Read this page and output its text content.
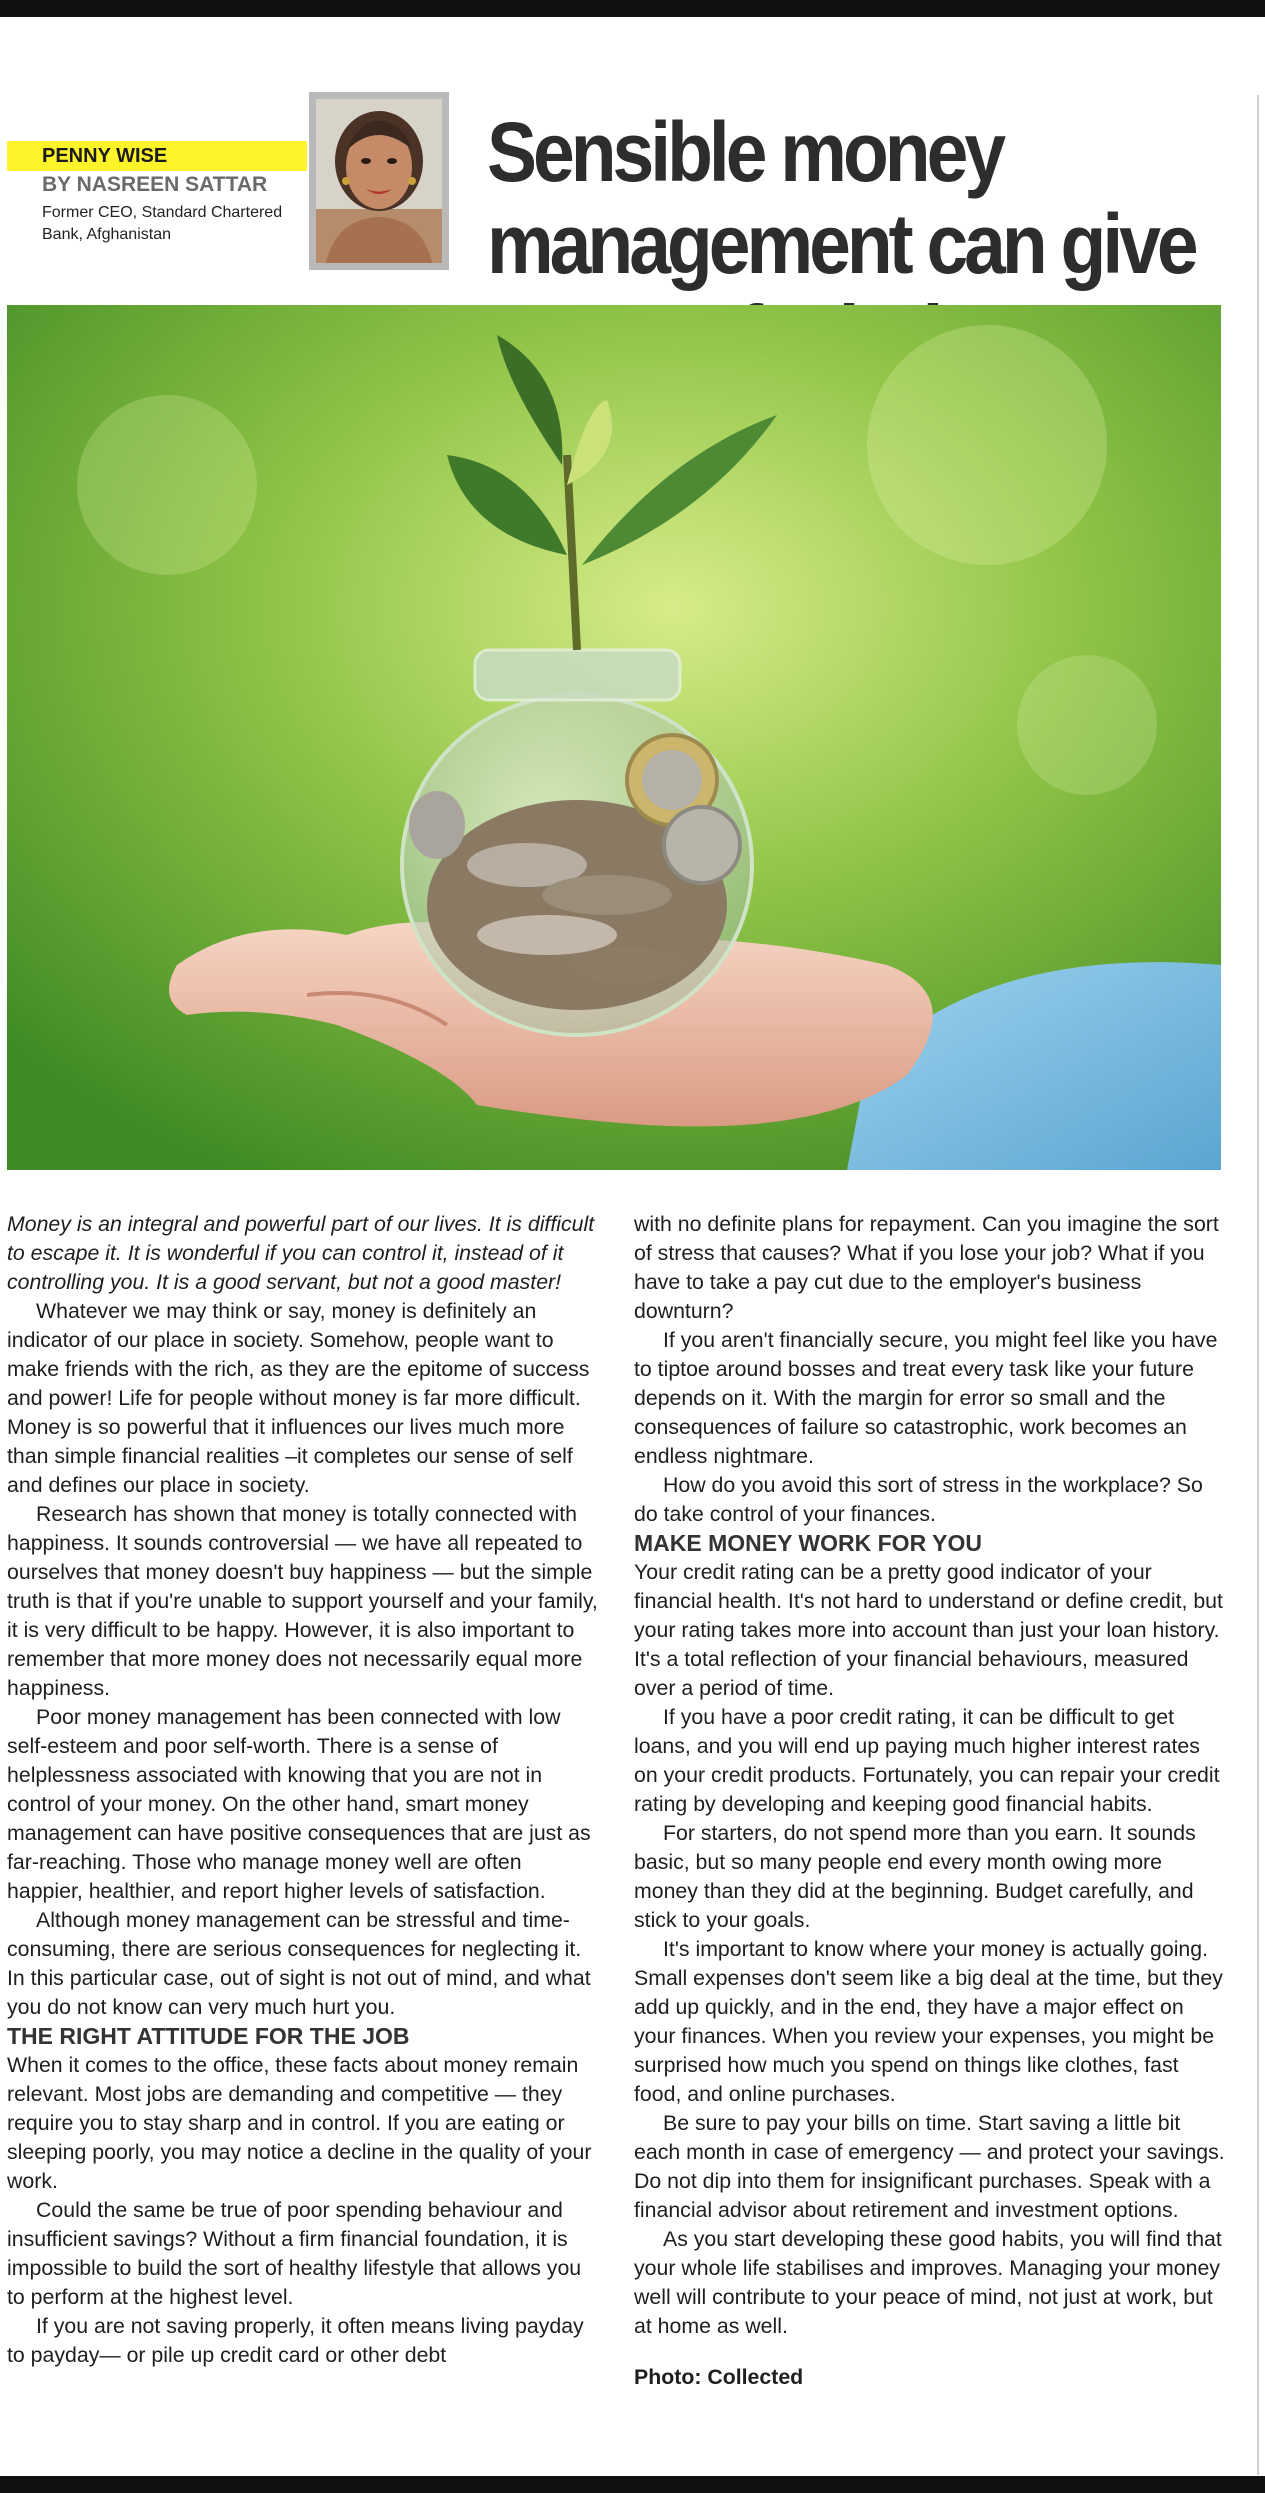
PENNY WISE
BY NASREEN SATTAR
Former CEO, Standard Chartered Bank, Afghanistan
Sensible money management can give

Money is an integral and powerful part of our lives. It is difficult to escape it. It is wonderful if you can control it, instead of it controlling you. It is a good servant, but not a good master!

Whatever we may think or say, money is definitely an indicator of our place in society. Somehow, people want to make friends with the rich, as they are the epitome of success and power! Life for people without money is far more difficult. Money is so powerful that it influences our lives much more than simple financial realities –it completes our sense of self and defines our place in society.

Research has shown that money is totally connected with happiness. It sounds controversial — we have all repeated to ourselves that money doesn't buy happiness — but the simple truth is that if you're unable to support yourself and your family, it is very difficult to be happy. However, it is also important to remember that more money does not necessarily equal more happiness.

Poor money management has been connected with low self-esteem and poor self-worth. There is a sense of helplessness associated with knowing that you are not in control of your money. On the other hand, smart money management can have positive consequences that are just as far-reaching. Those who manage money well are often happier, healthier, and report higher levels of satisfaction.

Although money management can be stressful and time-consuming, there are serious consequences for neglecting it. In this particular case, out of sight is not out of mind, and what you do not know can very much hurt you.

THE RIGHT ATTITUDE FOR THE JOB

When it comes to the office, these facts about money remain relevant. Most jobs are demanding and competitive — they require you to stay sharp and in control. If you are eating or sleeping poorly, you may notice a decline in the quality of your work.

Could the same be true of poor spending behaviour and insufficient savings? Without a firm financial foundation, it is impossible to build the sort of healthy lifestyle that allows you to perform at the highest level.

If you are not saving properly, it often means living payday to payday— or pile up credit card or other debt

with no definite plans for repayment. Can you imagine the sort of stress that causes? What if you lose your job? What if you have to take a pay cut due to the employer's business downturn?

If you aren't financially secure, you might feel like you have to tiptoe around bosses and treat every task like your future depends on it. With the margin for error so small and the consequences of failure so catastrophic, work becomes an endless nightmare.

How do you avoid this sort of stress in the workplace? So do take control of your finances.

MAKE MONEY WORK FOR YOU

Your credit rating can be a pretty good indicator of your financial health. It's not hard to understand or define credit, but your rating takes more into account than just your loan history. It's a total reflection of your financial behaviours, measured over a period of time.

If you have a poor credit rating, it can be difficult to get loans, and you will end up paying much higher interest rates on your credit products. Fortunately, you can repair your credit rating by developing and keeping good financial habits.

For starters, do not spend more than you earn. It sounds basic, but so many people end every month owing more money than they did at the beginning. Budget carefully, and stick to your goals.

It's important to know where your money is actually going. Small expenses don't seem like a big deal at the time, but they add up quickly, and in the end, they have a major effect on your finances. When you review your expenses, you might be surprised how much you spend on things like clothes, fast food, and online purchases.

Be sure to pay your bills on time. Start saving a little bit each month in case of emergency — and protect your savings. Do not dip into them for insignificant purchases. Speak with a financial advisor about retirement and investment options.

As you start developing these good habits, you will find that your whole life stabilises and improves. Managing your money well will contribute to your peace of mind, not just at work, but at home as well.

Photo: Collected
